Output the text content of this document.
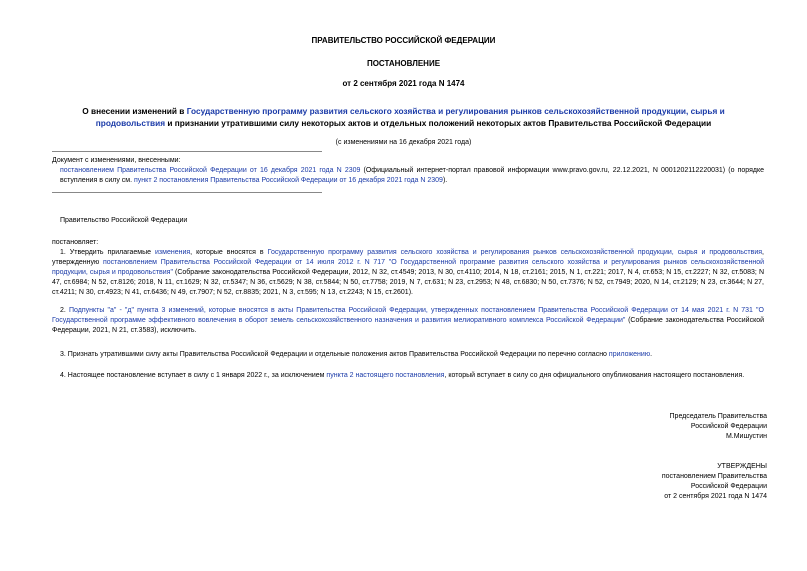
ПРАВИТЕЛЬСТВО РОССИЙСКОЙ ФЕДЕРАЦИИ
ПОСТАНОВЛЕНИЕ
от 2 сентября 2021 года N 1474
О внесении изменений в Государственную программу развития сельского хозяйства и регулирования рынков сельскохозяйственной продукции, сырья и продовольствия и признании утратившими силу некоторых актов и отдельных положений некоторых актов Правительства Российской Федерации
(с изменениями на 16 декабря 2021 года)
Документ с изменениями, внесенными:
постановлением Правительства Российской Федерации от 16 декабря 2021 года N 2309 (Официальный интернет-портал правовой информации www.pravo.gov.ru, 22.12.2021, N 0001202112220031) (о порядке вступления в силу см. пункт 2 постановления Правительства Российской Федерации от 16 декабря 2021 года N 2309).
Правительство Российской Федерации
постановляет:

1. Утвердить прилагаемые изменения, которые вносятся в Государственную программу развития сельского хозяйства и регулирования рынков сельскохозяйственной продукции, сырья и продовольствия, утвержденную постановлением Правительства Российской Федерации от 14 июля 2012 г. N 717 "О Государственной программе развития сельского хозяйства и регулирования рынков сельскохозяйственной продукции, сырья и продовольствия" (Собрание законодательства Российской Федерации, 2012, N 32, ст.4549; 2013, N 30, ст.4110; 2014, N 18, ст.2161; 2015, N 1, ст.221; 2017, N 4, ст.653; N 15, ст.2227; N 32, ст.5083; N 47, ст.6984; N 52, ст.8126; 2018, N 11, ст.1629; N 32, ст.5347; N 36, ст.5629; N 38, ст.5844; N 50, ст.7758; 2019, N 7, ст.631; N 23, ст.2953; N 48, ст.6830; N 50, ст.7376; N 52, ст.7949; 2020, N 14, ст.2129; N 23, ст.3644; N 27, ст.4211; N 30, ст.4923; N 41, ст.6436; N 49, ст.7907; N 52, ст.8835; 2021, N 3, ст.595; N 13, ст.2243; N 15, ст.2601).

2. Подпункты "а" - "д" пункта 3 изменений, которые вносятся в акты Правительства Российской Федерации, утвержденных постановлением Правительства Российской Федерации от 14 мая 2021 г. N 731 "О Государственной программе эффективного вовлечения в оборот земель сельскохозяйственного назначения и развития мелиоративного комплекса Российской Федерации" (Собрание законодательства Российской Федерации, 2021, N 21, ст.3583), исключить.

3. Признать утратившими силу акты Правительства Российской Федерации и отдельные положения актов Правительства Российской Федерации по перечню согласно приложению.

4. Настоящее постановление вступает в силу с 1 января 2022 г., за исключением пункта 2 настоящего постановления, который вступает в силу со дня официального опубликования настоящего постановления.

Председатель Правительства
Российской Федерации
М.Мишустин
УТВЕРЖДЕНЫ
постановлением Правительства
Российской Федерации
от 2 сентября 2021 года N 1474
